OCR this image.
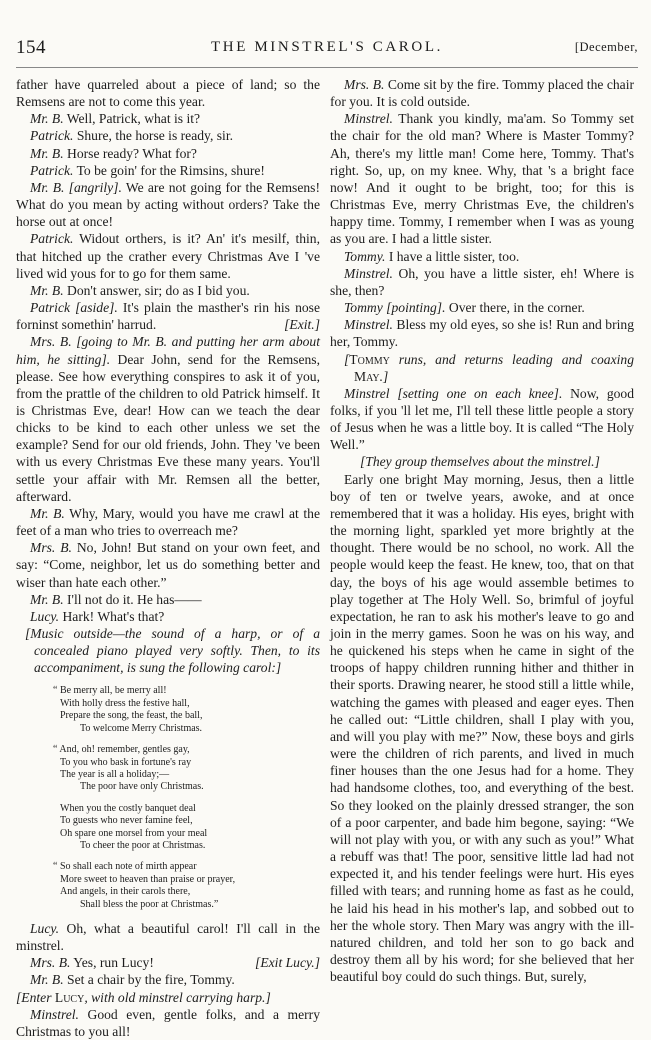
154	THE MINSTREL'S CAROL.	[December,

father have quarreled about a piece of land; so the Remsens are not to come this year.

Mr. B. Well, Patrick, what is it?

Patrick. Shure, the horse is ready, sir.

Mr. B. Horse ready? What for?

Patrick. To be goin' for the Rimsins, shure!

Mr. B. [angrily]. We are not going for the Remsens! What do you mean by acting without orders? Take the horse out at once!

Patrick. Widout orthers, is it? An' it's mesilf, thin, that hitched up the crather every Christmas Ave I 've lived wid yous for to go for them same.

Mr. B. Don't answer, sir; do as I bid you.

Patrick [aside]. It's plain the masther's rin his nose forninst somethin' harrud.	[Exit.]

Mrs. B. [going to Mr. B. and putting her arm about him, he sitting]. Dear John, send for the Remsens, please. See how everything conspires to ask it of you, from the prattle of the children to old Patrick himself. It is Christmas Eve, dear! How can we teach the dear chicks to be kind to each other unless we set the example? Send for our old friends, John. They 've been with us every Christmas Eve these many years. You'll settle your affair with Mr. Remsen all the better, afterward.

Mr. B. Why, Mary, would you have me crawl at the feet of a man who tries to overreach me?

Mrs. B. No, John! But stand on your own feet, and say: “Come, neighbor, let us do something better and wiser than hate each other.”

Mr. B. I'll not do it. He has——

Lucy. Hark! What's that?

[Music outside—the sound of a harp, or of a concealed piano played very softly. Then, to its accompaniment, is sung the following carol:]

“ Be merry all, be merry all!
With holly dress the festive hall,
Prepare the song, the feast, the ball,
To welcome Merry Christmas.
“ And, oh! remember, gentles gay,
To you who bask in fortune's ray
The year is all a holiday;—
The poor have only Christmas.
When you the costly banquet deal
To guests who never famine feel,
Oh spare one morsel from your meal
To cheer the poor at Christmas.
“ So shall each note of mirth appear
More sweet to heaven than praise or prayer,
And angels, in their carols there,
Shall bless the poor at Christmas.”

Lucy. Oh, what a beautiful carol! I'll call in the minstrel.

Mrs. B. Yes, run Lucy!	[Exit Lucy.]

Mr. B. Set a chair by the fire, Tommy.

[Enter Lucy, with old minstrel carrying harp.]

Minstrel. Good even, gentle folks, and a merry Christmas to you all!

Mrs. B. Come sit by the fire. Tommy placed the chair for you. It is cold outside.

Minstrel. Thank you kindly, ma'am. So Tommy set the chair for the old man? Where is Master Tommy? Ah, there's my little man! Come here, Tommy. That's right. So, up, on my knee. Why, that 's a bright face now! And it ought to be bright, too; for this is Christmas Eve, merry Christmas Eve, the children's happy time. Tommy, I remember when I was as young as you are. I had a little sister.

Tommy. I have a little sister, too.

Minstrel. Oh, you have a little sister, eh! Where is she, then?

Tommy [pointing]. Over there, in the corner.

Minstrel. Bless my old eyes, so she is! Run and bring her, Tommy.

[Tommy runs, and returns leading and coaxing May.]

Minstrel [setting one on each knee]. Now, good folks, if you 'll let me, I'll tell these little people a story of Jesus when he was a little boy. It is called “The Holy Well.”

[They group themselves about the minstrel.]

Early one bright May morning, Jesus, then a little boy of ten or twelve years, awoke, and at once remembered that it was a holiday. His eyes, bright with the morning light, sparkled yet more brightly at the thought. There would be no school, no work. All the people would keep the feast. He knew, too, that on that day, the boys of his age would assemble betimes to play together at The Holy Well. So, brimful of joyful expectation, he ran to ask his mother's leave to go and join in the merry games. Soon he was on his way, and he quickened his steps when he came in sight of the troops of happy children running hither and thither in their sports. Drawing nearer, he stood still a little while, watching the games with pleased and eager eyes. Then he called out: “Little children, shall I play with you, and will you play with me?” Now, these boys and girls were the children of rich parents, and lived in much finer houses than the one Jesus had for a home. They had handsome clothes, too, and everything of the best. So they looked on the plainly dressed stranger, the son of a poor carpenter, and bade him begone, saying: “We will not play with you, or with any such as you!” What a rebuff was that! The poor, sensitive little lad had not expected it, and his tender feelings were hurt. His eyes filled with tears; and running home as fast as he could, he laid his head in his mother's lap, and sobbed out to her the whole story. Then Mary was angry with the ill-natured children, and told her son to go back and destroy them all by his word; for she believed that her beautiful boy could do such things. But, surely,
